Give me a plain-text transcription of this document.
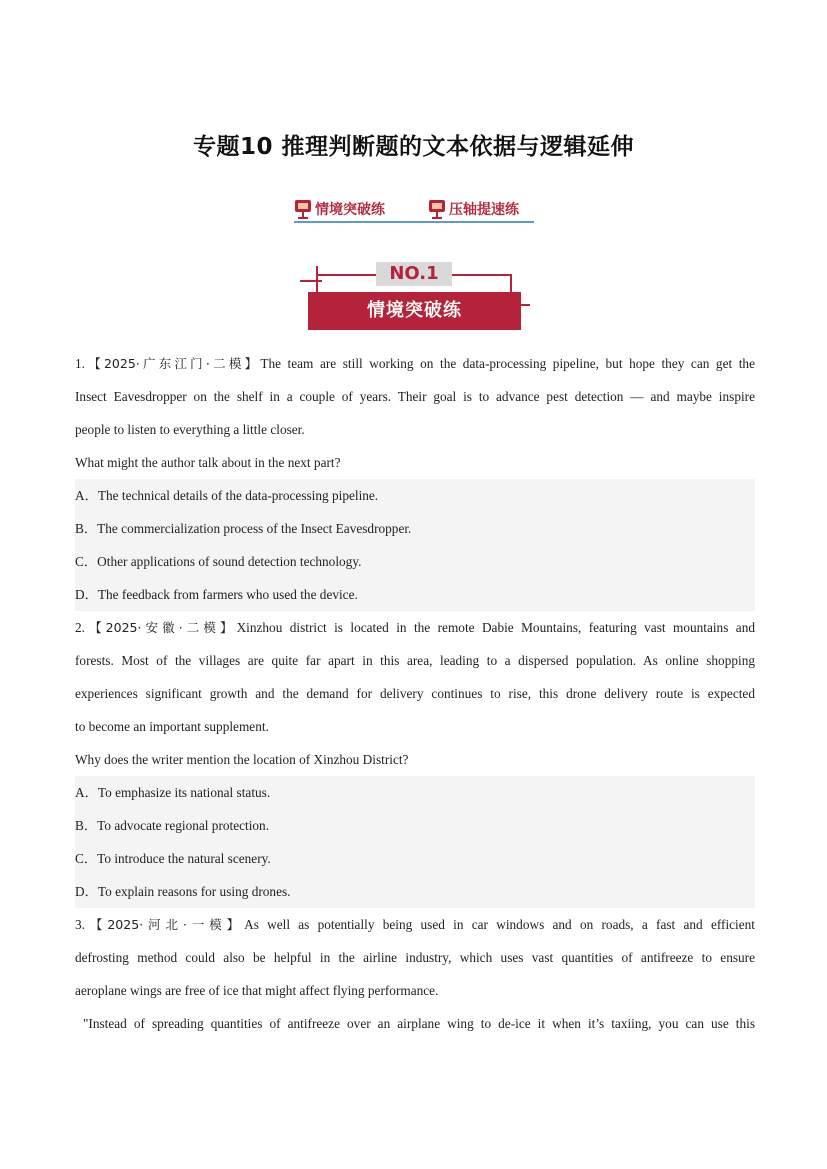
专题10 推理判断题的文本依据与逻辑延伸
情境突破练	压轴提速练
NO.1
情境突破练
1.【2025·广东江门·二模】The team are still working on the data-processing pipeline, but hope they can get the
Insect Eavesdropper on the shelf in a couple of years. Their goal is to advance pest detection — and maybe inspire
people to listen to everything a little closer.
What might the author talk about in the next part?
A．The technical details of the data-processing pipeline.
B．The commercialization process of the Insect Eavesdropper.
C．Other applications of sound detection technology.
D．The feedback from farmers who used the device.
2.【2025·安徽·二模】Xinzhou district is located in the remote Dabie Mountains, featuring vast mountains and
forests. Most of the villages are quite far apart in this area, leading to a dispersed population. As online shopping
experiences significant growth and the demand for delivery continues to rise, this drone delivery route is expected
to become an important supplement.
Why does the writer mention the location of Xinzhou District?
A．To emphasize its national status.
B．To advocate regional protection.
C．To introduce the natural scenery.
D．To explain reasons for using drones.
3.【2025·河北·一模】As well as potentially being used in car windows and on roads, a fast and efficient
defrosting method could also be helpful in the airline industry, which uses vast quantities of antifreeze to ensure
aeroplane wings are free of ice that might affect flying performance.
"Instead of spreading quantities of antifreeze over an airplane wing to de-ice it when it’s taxiing, you can use this
